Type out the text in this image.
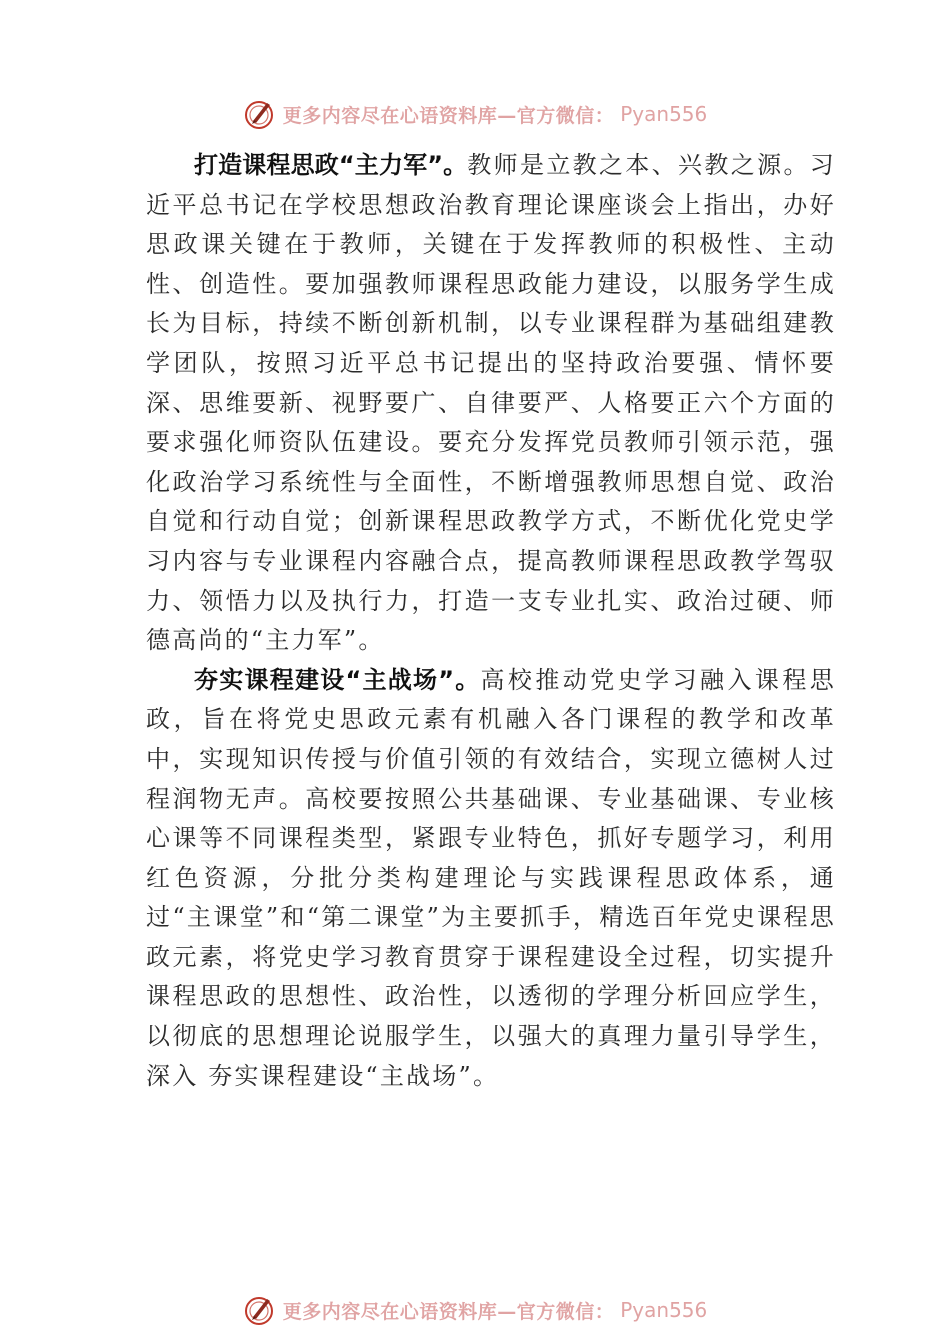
更多内容尽在心语资料库—官方微信： Pyan556

打造课程思政“主力军”。教师是立教之本、兴教之源。习近平总书记在学校思想政治教育理论课座谈会上指出，办好思政课关键在于教师，关键在于发挥教师的积极性、主动性、创造性。要加强教师课程思政能力建设，以服务学生成长为目标，持续不断创新机制，以专业课程群为基础组建教学团队，按照习近平总书记提出的坚持政治要强、情怀要深、思维要新、视野要广、自律要严、人格要正六个方面的要求强化师资队伍建设。要充分发挥党员教师引领示范，强化政治学习系统性与全面性，不断增强教师思想自觉、政治自觉和行动自觉；创新课程思政教学方式，不断优化党史学习内容与专业课程内容融合点，提高教师课程思政教学驾驭力、领悟力以及执行力，打造一支专业扎实、政治过硬、师德高尚的“主力军”。

夯实课程建设“主战场”。高校推动党史学习融入课程思政，旨在将党史思政元素有机融入各门课程的教学和改革中，实现知识传授与价值引领的有效结合，实现立德树人过程润物无声。高校要按照公共基础课、专业基础课、专业核心课等不同课程类型，紧跟专业特色，抓好专题学习，利用红色资源，分批分类构建理论与实践课程思政体系，通过“主课堂”和“第二课堂”为主要抓手，精选百年党史课程思政元素，将党史学习教育贯穿于课程建设全过程，切实提升课程思政的思想性、政治性，以透彻的学理分析回应学生，以彻底的思想理论说服学生，以强大的真理力量引导学生，深入 夯实课程建设“主战场”。

更多内容尽在心语资料库—官方微信： Pyan556
